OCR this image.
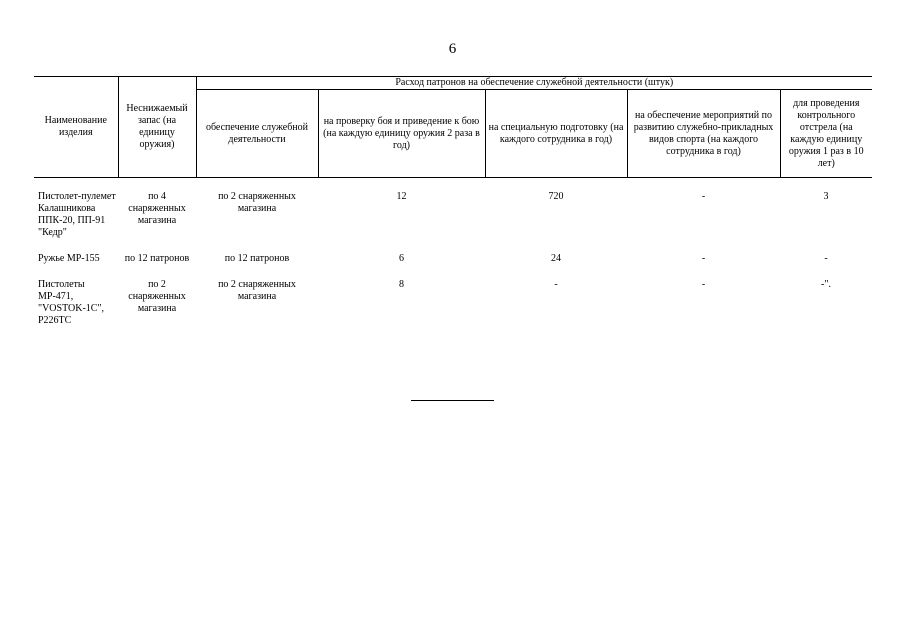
6
Наименование изделия	Неснижаемый запас (на единицу оружия)	Расход патронов на обеспечение служебной деятельности (штук)				
		обеспечение служебной деятельности	на проверку боя и приведение к бою (на каждую единицу оружия 2 раза в год)	на специальную подготовку (на каждого сотрудника в год)	на обеспечение мероприятий по развитию служебно-прикладных видов спорта (на каждого сотрудника в год)	для проведения контрольного отстрела (на каждую единицу оружия 1 раз в 10 лет)
Пистолет-пулемет Калашникова ППК-20, ПП-91 "Кедр"	по 4 снаряженных магазина	по 2 снаряженных магазина	12	720	-	3
Ружье МР-155	по 12 патронов	по 12 патронов	6	24	-	-
Пистолеты МР-471, "VOSTOK-1С", Р226ТС	по 2 снаряженных магазина	по 2 снаряженных магазина	8	-	-	-".
